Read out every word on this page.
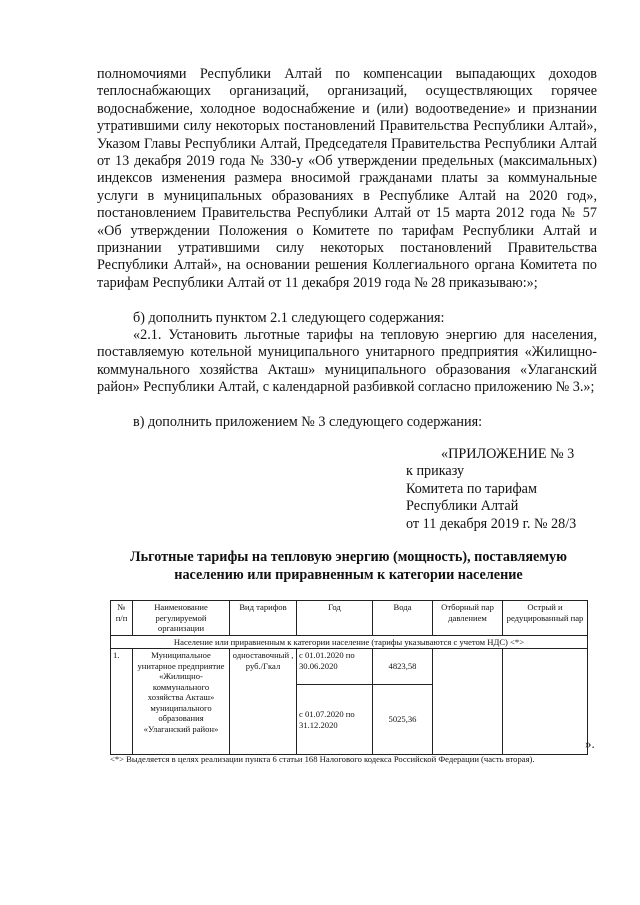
полномочиями Республики Алтай по компенсации выпадающих доходов теплоснабжающих организаций, организаций, осуществляющих горячее водоснабжение, холодное водоснабжение и (или) водоотведение» и признании утратившими силу некоторых постановлений Правительства Республики Алтай», Указом Главы Республики Алтай, Председателя Правительства Республики Алтай от 13 декабря 2019 года № 330-у «Об утверждении предельных (максимальных) индексов изменения размера вносимой гражданами платы за коммунальные услуги в муниципальных образованиях в Республике Алтай на 2020 год», постановлением Правительства Республики Алтай от 15 марта 2012 года № 57 «Об утверждении Положения о Комитете по тарифам Республики Алтай и признании утратившими силу некоторых постановлений Правительства Республики Алтай», на основании решения Коллегиального органа Комитета по тарифам Республики Алтай от 11 декабря 2019 года № 28 приказываю:»;

б) дополнить пунктом 2.1 следующего содержания:

«2.1. Установить льготные тарифы на тепловую энергию для населения, поставляемую котельной муниципального унитарного предприятия «Жилищно-коммунального хозяйства Акташ» муниципального образования «Улаганский район» Республики Алтай, с календарной разбивкой согласно приложению № 3.»;

в) дополнить приложением № 3 следующего содержания:

«ПРИЛОЖЕНИЕ № 3
к приказу
Комитета по тарифам
Республики Алтай
от 11 декабря 2019 г. № 28/3

Льготные тарифы на тепловую энергию (мощность), поставляемую населению или приравненным к категории население

№ п/п	Наименование регулируемой организации	Вид тарифов	Год	Вода	Отборный пар давлением	Острый и редуцированный пар
Население или приравненным к категории население (тарифы указываются с учетом НДС) <*>						
1.	Муниципальное унитарное предприятие «Жилищно-коммунального хозяйства Акташ» муниципального образования «Улаганский район»	одноставочный , руб./Гкал	с 01.01.2020 по 30.06.2020	4823,58		
			с 01.07.2020 по 31.12.2020	5025,36		
».

<*> Выделяется в целях реализации пункта 6 статьи 168 Налогового кодекса Российской Федерации (часть вторая).
